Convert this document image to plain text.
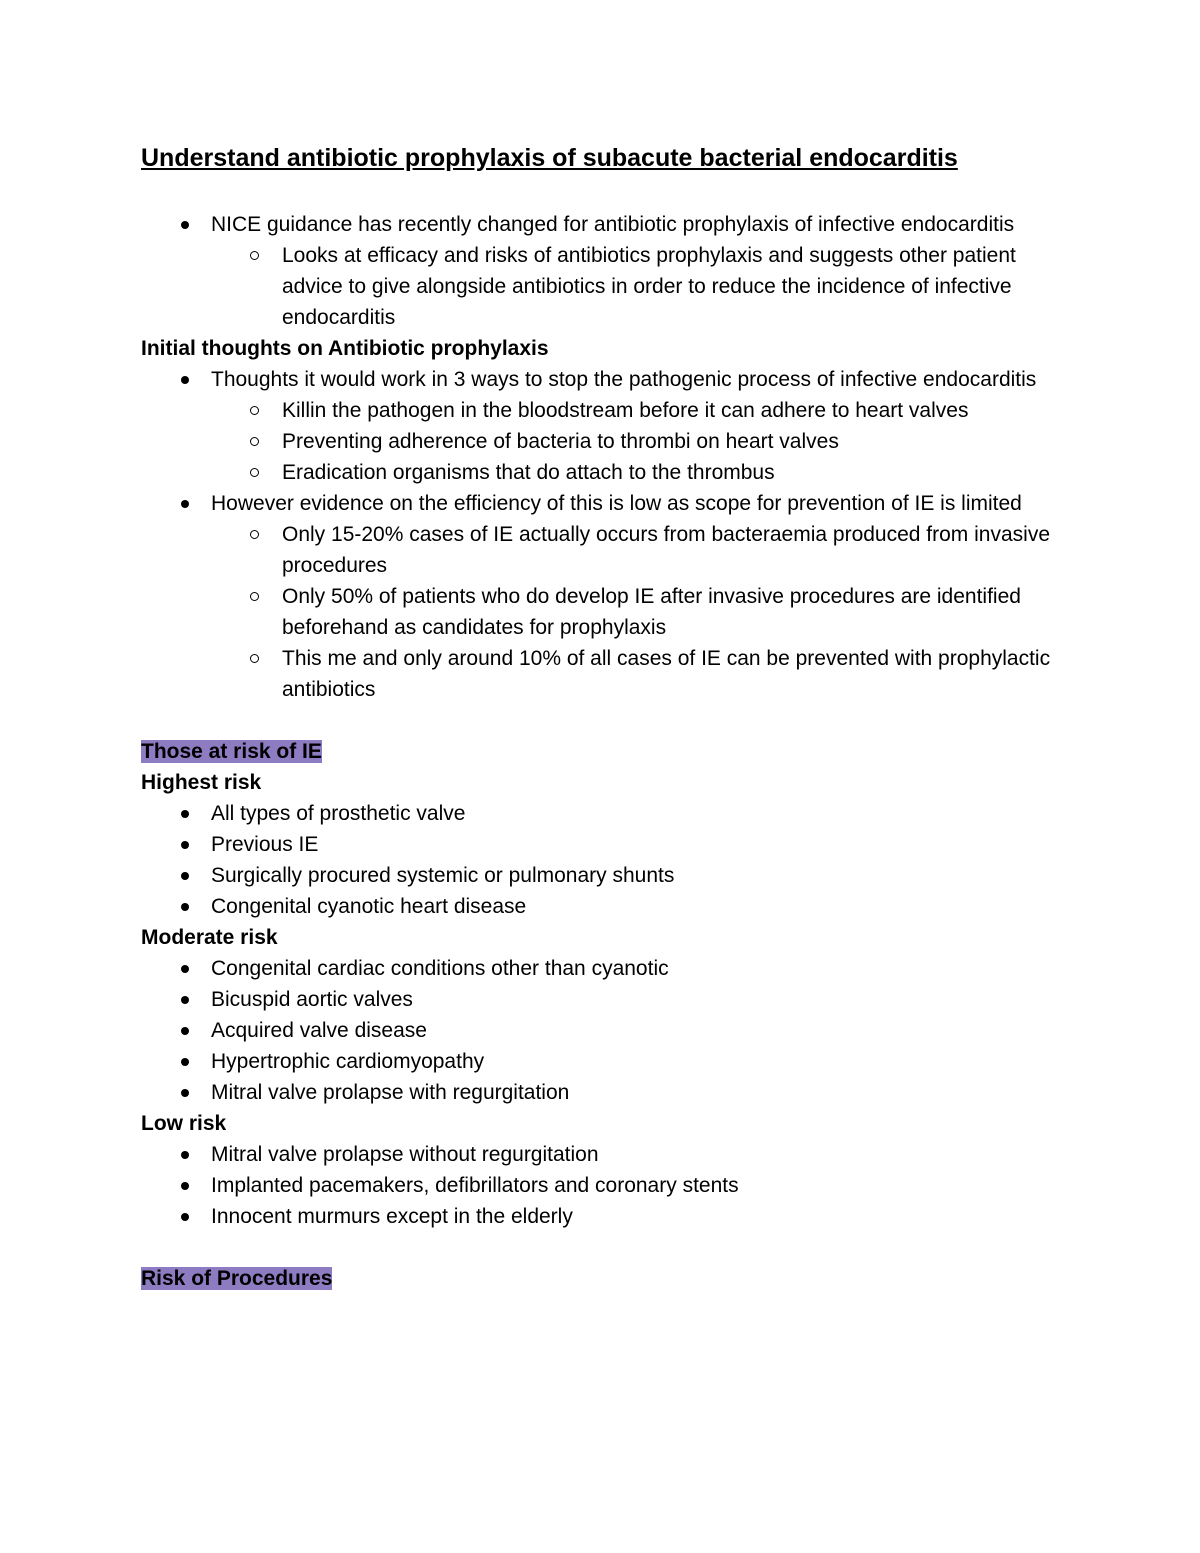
Understand antibiotic prophylaxis of subacute bacterial endocarditis
NICE guidance has recently changed for antibiotic prophylaxis of infective endocarditis
Looks at efficacy and risks of antibiotics prophylaxis and suggests other patient advice to give alongside antibiotics in order to reduce the incidence of infective endocarditis
Initial thoughts on Antibiotic prophylaxis
Thoughts it would work in 3 ways to stop the pathogenic process of infective endocarditis
Killin the pathogen in the bloodstream before it can adhere to heart valves
Preventing adherence of bacteria to thrombi on heart valves
Eradication organisms that do attach to the thrombus
However evidence on the efficiency of this is low as scope for prevention of IE is limited
Only 15-20% cases of IE actually occurs from bacteraemia produced from invasive procedures
Only 50% of patients who do develop IE after invasive procedures are identified beforehand as candidates for prophylaxis
This me and only around 10% of all cases of IE can be prevented with prophylactic antibiotics
Those at risk of IE
Highest risk
All types of prosthetic valve
Previous IE
Surgically procured systemic or pulmonary shunts
Congenital cyanotic heart disease
Moderate risk
Congenital cardiac conditions other than cyanotic
Bicuspid aortic valves
Acquired valve disease
Hypertrophic cardiomyopathy
Mitral valve prolapse with regurgitation
Low risk
Mitral valve prolapse without regurgitation
Implanted pacemakers, defibrillators and coronary stents
Innocent murmurs except in the elderly
Risk of Procedures
